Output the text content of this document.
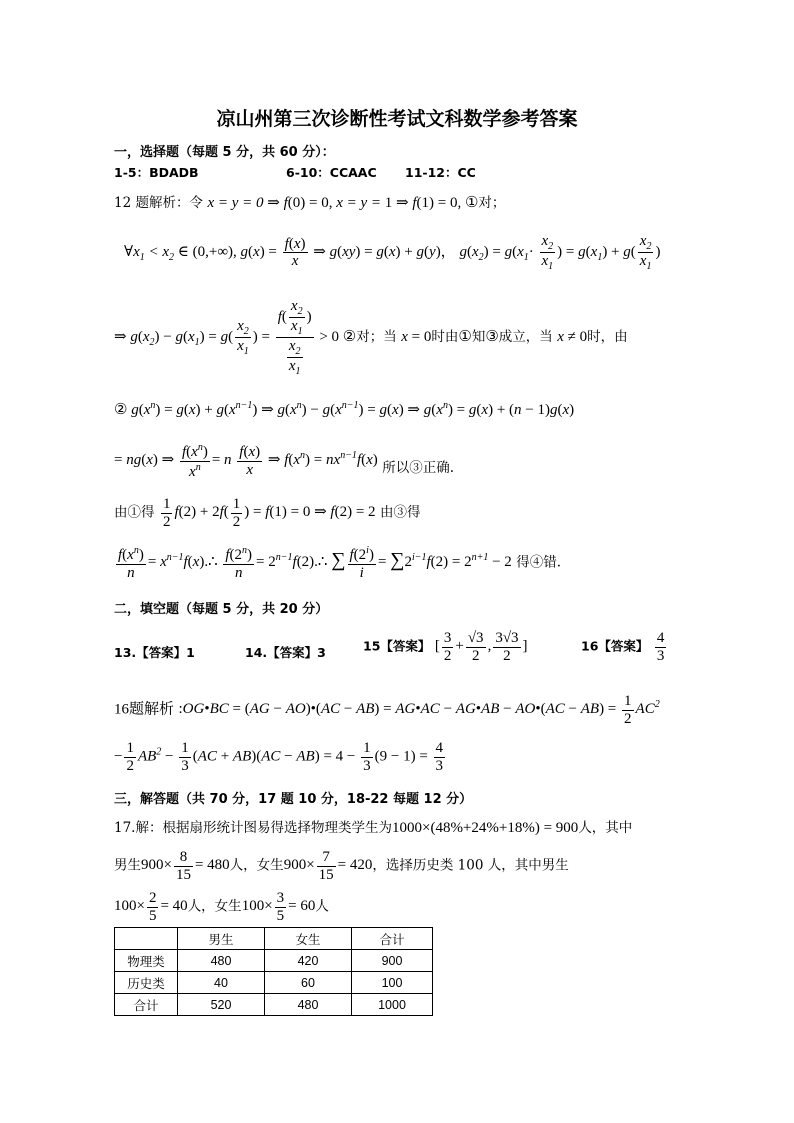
凉山州第三次诊断性考试文科数学参考答案
一，选择题（每题 5 分，共 60 分）：
1-5：BDADB	6-10：CCAAC 11-12：CC
12 题解析：令 x = y = 0 ⇒ f(0) = 0, x = y = 1 ⇒ f(1) = 0, ①对；
$\forall x_1 < x_2$ ∈ (0,+∞), $g(x) = \frac{f(x)}{x}$ ⇒ g(xy) = g(x) + g(y)， $g(x_2) = g(x_1\cdot \frac{x_2}{x_1}$ ) = $g(x_1) + g( \frac{x_2}{x_1}$ )
⇒ $g(x_2) - g(x_1) = g( \frac{x_2}{x_1}$ ) = $\frac{f( \frac{x_2}{x_1} )}{\frac{x_2}{x_1}} > 0$ ②对；当 x = 0时由①知③成立，当 x ≠ 0时，由
② $g(x^n) = g(x) + g(x^{n-1})$ ⇒ $g(x^n) - g(x^{n-1}) = g(x)$ ⇒ $g(x^n) = g(x) + (n - 1)g(x)$
= ng(x) ⇒ $\frac{f(x^n)}{x^n} = n \frac{f(x)}{x}$ ⇒ $f(x^n) = nx^{n-1}f(x)$ 所以③正确.
由①得 $\frac{1}{2} f(2) + 2f( \frac{1}{2}$ ) = f(1) = 0 ⇒ f(2) = 2 由③得
$\frac{f(x^n)}{n}$ = $x^{n-1}f(x).\therefore \frac{f(2^n)}{n}$ = $2^{n-1}f(2).\therefore$ ∑ $\frac{f(2^i)}{i} = \sum 2^{i-1}f(2) = 2^{n+1} - 2$ 得④错.
二，填空题（每题 5 分，共 20 分）
14.【答案】3	15【答案】 [ $\frac{3}{2} + \frac{√3}{2}$ , $\frac{3√3}{2}$ ]	16【答案】 $\frac{4}{3}$
13.【答案】1
16题解析 :OG•BC = (AG − AO)•(AC − AB) = AG•AC − AG•AB − AO•(AC − $AB) = \frac{1}{2} AC^2$
− $\frac{1}{2} AB^2 - \frac{1}{3} (AC + AB)(AC - AB) = 4 - \frac{1}{3} (9 - 1) = \frac{4}{3}$
三，解答题（共 70 分，17 题 10 分，18-22 每题 12 分）
17.解：根据扇形统计图易得选择物理类学生为1000×(48%+24%+18%) = 900人，其中
男生$900\times \frac{8}{15} = 480$人，女生$900\times \frac{7}{15} = 420$，选择历史类 100 人，其中男生
$100\times \frac{2}{5} = 40$人，女生$100\times \frac{3}{5} = 60$人
	男生	女生	合计
物理类	480	420	900
历史类	40	60	100
合计	520	480	1000
